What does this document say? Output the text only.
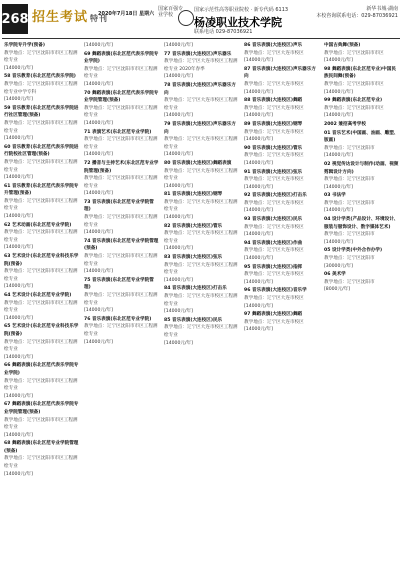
268 招生考试 特刊
2020年7月18日 星期六
国家百强专业学校
国家示范性高等职业院校 · 新专代码 6113
杨凌职业技术学院
联系电话 029-87036921
新华书城·湖南
本校咨询联系电话：029-87036921
乐学院专升学(预备)
教学地点：辽宁区沈阳市市区工程测绘专业
[14000元/年]
58 音乐教育(东北区范代表乐学院)
教学地点：辽宁区沈阳市市区工程测绘专业中学专科
[14000元/年]
59 音乐教育(东北区范代表乐学院进行社区管理(预备)
教学地点：辽宁区沈阳市市区工程测绘专业
[14000元/年]
60 音乐教育(东北区范代表乐学院进行院校社区管理(预备)
教学地点：辽宁区沈阳市市区工程测绘专业
[14000元/年]
61 音乐教育(东北区范代表乐学院专升管理(预备)
教学地点：辽宁区沈阳市市区工程测绘专业
[14000元/年]
62 艺术动画(东北区范专业学院)
教学地点：辽宁区沈阳市市区工程测绘专业
[14000元/年]
63 艺术设计(东北区范专业科技乐学院(预备)
教学地点：辽宁区沈阳市市区工程测绘专业
[14000元/年]
64 艺术设计(东北区范专业学院)
教学地点：辽宁区沈阳市市区工程测绘专业
[14000元/年]
65 艺术设计(东北区范专业科技乐学院(预备)
教学地点：辽宁区沈阳市市区工程测绘专业
[14000元/年]
66 舞蹈表演(东北区范代表乐学院专业学院)
教学地点：辽宁区沈阳市市区工程测绘专业
[14000元/年]
67 舞蹈表演(东北区范代表乐学院专业学院管理(预备)
教学地点：辽宁区沈阳市市区工程测绘专业
[14000元/年]
68 舞蹈表演(东北区范专业学院管理(预备)
教学地点：辽宁区沈阳市市区工程测绘专业
[14000元/年]
[14000元/年]
69 舞蹈表演(东北区范代表乐学院专业学院)
教学地点：辽宁区沈阳市市区工程测绘专业
[14000元/年]
70 舞蹈表演(东北区范代表乐学院专业学院管理(预备)
教学地点：辽宁区沈阳市市区工程测绘专业
[14000元/年]
71 表演艺术(东北区范专业学院)
教学地点：辽宁区沈阳市市区工程测绘专业
[14000元/年]
72 播音与主持艺术(东北区范专业学院管理(预备)
教学地点：辽宁区沈阳市市区工程测绘专业
[14000元/年]
73 音乐表演(东北区范专业学院管理)
教学地点：辽宁区沈阳市市区工程测绘专业
[14000元/年]
74 音乐表演(东北区范专业学院管理(预备)
教学地点：辽宁区沈阳市市区工程测绘专业
[14000元/年]
75 音乐表演(东北区范专业学院管理)
教学地点：辽宁区沈阳市市区工程测绘专业
[14000元/年]
76 音乐表演(东北区范专业学院)
教学地点：辽宁区沈阳市市区工程测绘专业
[14000元/年]
[14000元/年]
77 音乐表演(大连校区)声乐器乐
教学地点：辽宁区大连市校区工程测绘专业 2020年春季
[14000元/年]
78 音乐表演(大连校区)声乐器乐方向
教学地点：辽宁区大连市校区工程测绘专业
[14000元/年]
79 音乐表演(大连校区)声乐器乐方向
教学地点：辽宁区大连市校区工程测绘专业
[14000元/年]
80 音乐表演(大连校区)舞蹈表演
教学地点：辽宁区大连市校区工程测绘专业
[14000元/年]
81 音乐表演(大连校区)钢琴
教学地点：辽宁区大连市校区工程测绘专业
[14000元/年]
82 音乐表演(大连校区)管乐
教学地点：辽宁区大连市校区工程测绘专业
[14000元/年]
83 音乐表演(大连校区)弦乐
教学地点：辽宁区大连市校区工程测绘专业
[14000元/年]
84 音乐表演(大连校区)打击乐
教学地点：辽宁区大连市校区工程测绘专业
[14000元/年]
85 音乐表演(大连校区)民乐
教学地点：辽宁区大连市校区工程测绘专业
[14000元/年]
86 音乐表演(大连校区)声乐
教学地点：辽宁区大连市校区
[14000元/年]
87 音乐表演(大连校区)声乐器乐方向
教学地点：辽宁区大连市校区
[14000元/年]
88 音乐表演(大连校区)舞蹈
教学地点：辽宁区大连市校区
[14000元/年]
89 音乐表演(大连校区)钢琴
教学地点：辽宁区大连市校区
[14000元/年]
90 音乐表演(大连校区)管乐
教学地点：辽宁区大连市校区
[14000元/年]
91 音乐表演(大连校区)弦乐
教学地点：辽宁区大连市校区
[14000元/年]
92 音乐表演(大连校区)打击乐
教学地点：辽宁区大连市校区
[14000元/年]
93 音乐表演(大连校区)民乐
教学地点：辽宁区大连市校区
[14000元/年]
94 音乐表演(大连校区)作曲
教学地点：辽宁区大连市校区
[14000元/年]
95 音乐表演(大连校区)指挥
教学地点：辽宁区大连市校区
[14000元/年]
96 音乐表演(大连校区)音乐学
教学地点：辽宁区大连市校区
[14000元/年]
97 舞蹈表演(大连校区)舞蹈
教学地点：辽宁区大连市校区
[14000元/年]
中国古典舞(预备)
教学地点：辽宁区沈阳市市区
[14000元/年]
98 舞蹈表演(东北区范专业)中国民族民间舞(预备)
教学地点：辽宁区沈阳市市区
[14000元/年]
99 舞蹈表演(东北区范专业)
教学地点：辽宁区沈阳市市区
[14000元/年]
2002 兼招高考学校
01 音乐艺术(中国画、油画、雕塑、版画)
教学地点：辽宁区沈阳市
[14000元/年]
02 视觉传达设计与制作(动画、视频剪辑设计方向)
教学地点：辽宁区沈阳市
[14000元/年]
03 书法学
教学地点：辽宁区沈阳市
[14000元/年]
04 设计学类(产品设计、环境设计、服装与服饰设计、数字媒体艺术)
教学地点：辽宁区沈阳市
[14000元/年]
05 设计学类(中外合作办学)
教学地点：辽宁区沈阳市
[30000元/年]
06 美术学
教学地点：辽宁区沈阳市
[8000元/年]
